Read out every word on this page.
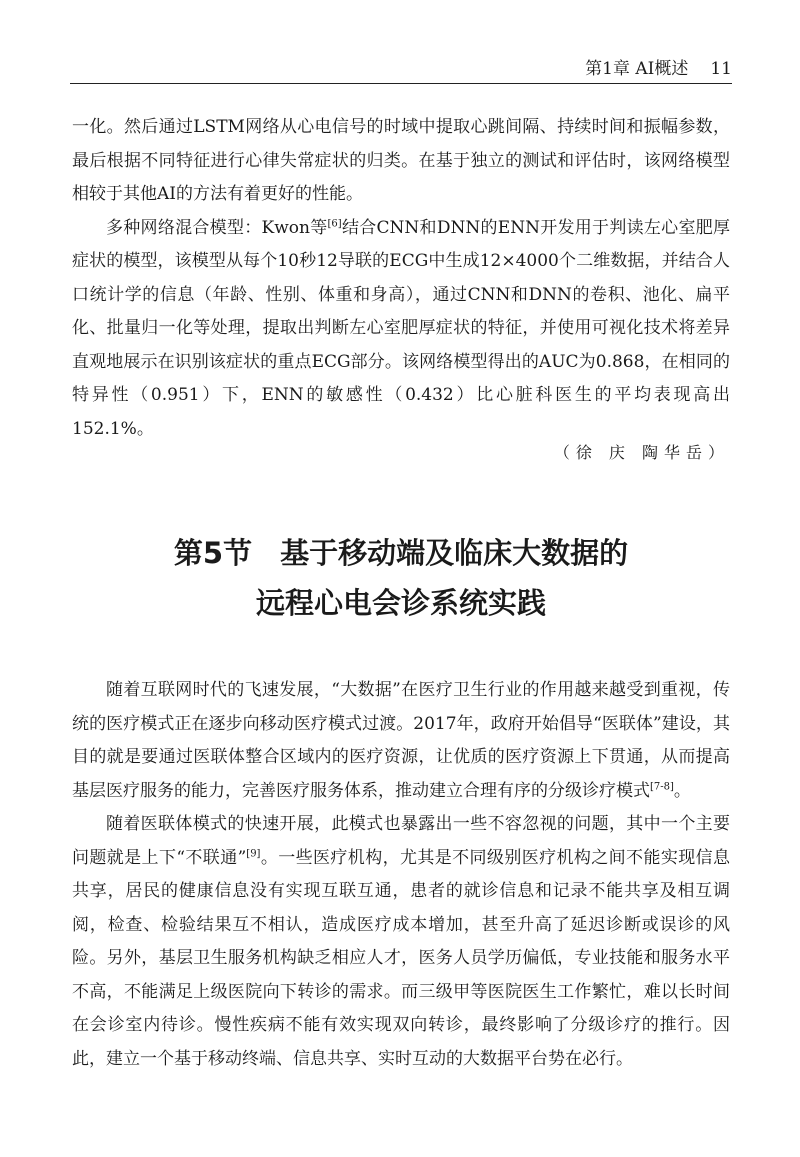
第1章 AI概述 11

一化。然后通过LSTM网络从心电信号的时域中提取心跳间隔、持续时间和振幅参数，最后根据不同特征进行心律失常症状的归类。在基于独立的测试和评估时，该网络模型相较于其他AI的方法有着更好的性能。

多种网络混合模型：Kwon等[6]结合CNN和DNN的ENN开发用于判读左心室肥厚症状的模型，该模型从每个10秒12导联的ECG中生成12×4000个二维数据，并结合人口统计学的信息（年龄、性别、体重和身高），通过CNN和DNN的卷积、池化、扁平化、批量归一化等处理，提取出判断左心室肥厚症状的特征，并使用可视化技术将差异直观地展示在识别该症状的重点ECG部分。该网络模型得出的AUC为0.868，在相同的特异性（0.951）下，ENN的敏感性（0.432）比心脏科医生的平均表现高出152.1%。

（徐 庆 陶华岳）
第5节 基于移动端及临床大数据的
远程心电会诊系统实践

随着互联网时代的飞速发展，“大数据”在医疗卫生行业的作用越来越受到重视，传统的医疗模式正在逐步向移动医疗模式过渡。2017年，政府开始倡导“医联体”建设，其目的就是要通过医联体整合区域内的医疗资源，让优质的医疗资源上下贯通，从而提高基层医疗服务的能力，完善医疗服务体系，推动建立合理有序的分级诊疗模式[7-8]。

随着医联体模式的快速开展，此模式也暴露出一些不容忽视的问题，其中一个主要问题就是上下“不联通”[9]。一些医疗机构，尤其是不同级别医疗机构之间不能实现信息共享，居民的健康信息没有实现互联互通，患者的就诊信息和记录不能共享及相互调阅，检查、检验结果互不相认，造成医疗成本增加，甚至升高了延迟诊断或误诊的风险。另外，基层卫生服务机构缺乏相应人才，医务人员学历偏低，专业技能和服务水平不高，不能满足上级医院向下转诊的需求。而三级甲等医院医生工作繁忙，难以长时间在会诊室内待诊。慢性疾病不能有效实现双向转诊，最终影响了分级诊疗的推行。因此，建立一个基于移动终端、信息共享、实时互动的大数据平台势在必行。
